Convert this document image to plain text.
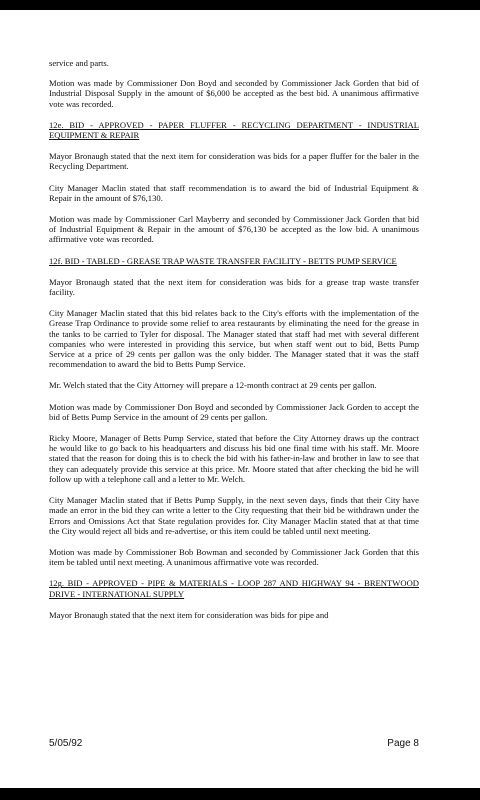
service and parts.

Motion was made by Commissioner Don Boyd and seconded by Commissioner Jack Gorden that bid of Industrial Disposal Supply in the amount of $6,000 be accepted as the best bid. A unanimous affirmative vote was recorded.

12e. BID - APPROVED - PAPER FLUFFER - RECYCLING DEPARTMENT - INDUSTRIAL EQUIPMENT & REPAIR

Mayor Bronaugh stated that the next item for consideration was bids for a paper fluffer for the baler in the Recycling Department.

City Manager Maclin stated that staff recommendation is to award the bid of Industrial Equipment & Repair in the amount of $76,130.

Motion was made by Commissioner Carl Mayberry and seconded by Commissioner Jack Gorden that bid of Industrial Equipment & Repair in the amount of $76,130 be accepted as the low bid. A unanimous affirmative vote was recorded.

12f. BID - TABLED - GREASE TRAP WASTE TRANSFER FACILITY - BETTS PUMP SERVICE

Mayor Bronaugh stated that the next item for consideration was bids for a grease trap waste transfer facility.

City Manager Maclin stated that this bid relates back to the City's efforts with the implementation of the Grease Trap Ordinance to provide some relief to area restaurants by eliminating the need for the grease in the tanks to be carried to Tyler for disposal. The Manager stated that staff had met with several different companies who were interested in providing this service, but when staff went out to bid, Betts Pump Service at a price of 29 cents per gallon was the only bidder. The Manager stated that it was the staff recommendation to award the bid to Betts Pump Service.

Mr. Welch stated that the City Attorney will prepare a 12-month contract at 29 cents per gallon.

Motion was made by Commissioner Don Boyd and seconded by Commissioner Jack Gorden to accept the bid of Betts Pump Service in the amount of 29 cents per gallon.

Ricky Moore, Manager of Betts Pump Service, stated that before the City Attorney draws up the contract he would like to go back to his headquarters and discuss his bid one final time with his staff. Mr. Moore stated that the reason for doing this is to check the bid with his father-in-law and brother in law to see that they can adequately provide this service at this price. Mr. Moore stated that after checking the bid he will follow up with a telephone call and a letter to Mr. Welch.

City Manager Maclin stated that if Betts Pump Supply, in the next seven days, finds that their City have made an error in the bid they can write a letter to the City requesting that their bid be withdrawn under the Errors and Omissions Act that State regulation provides for. City Manager Maclin stated that at that time the City would reject all bids and re-advertise, or this item could be tabled until next meeting.

Motion was made by Commissioner Bob Bowman and seconded by Commissioner Jack Gorden that this item be tabled until next meeting. A unanimous affirmative vote was recorded.

12g. BID - APPROVED - PIPE & MATERIALS - LOOP 287 AND HIGHWAY 94 - BRENTWOOD DRIVE - INTERNATIONAL SUPPLY

Mayor Bronaugh stated that the next item for consideration was bids for pipe and

5/05/92	Page 8
